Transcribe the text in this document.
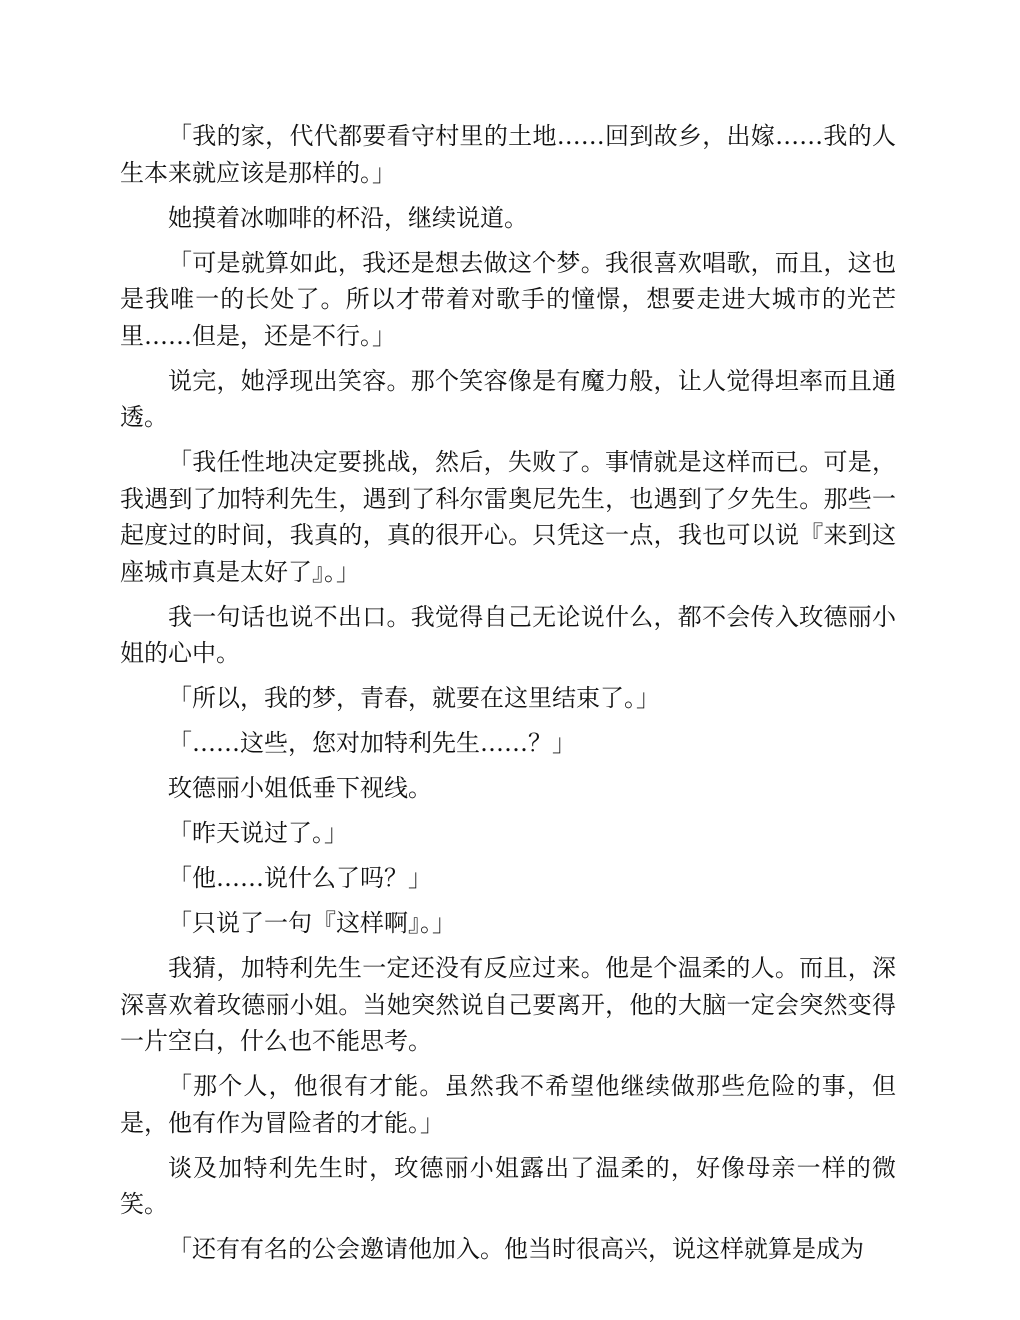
「我的家，代代都要看守村里的土地……回到故乡，出嫁……我的人生本来就应该是那样的。」

她摸着冰咖啡的杯沿，继续说道。

「可是就算如此，我还是想去做这个梦。我很喜欢唱歌，而且，这也是我唯一的长处了。所以才带着对歌手的憧憬，想要走进大城市的光芒里……但是，还是不行。」

说完，她浮现出笑容。那个笑容像是有魔力般，让人觉得坦率而且通透。

「我任性地决定要挑战，然后，失败了。事情就是这样而已。可是，我遇到了加特利先生，遇到了科尔雷奥尼先生，也遇到了夕先生。那些一起度过的时间，我真的，真的很开心。只凭这一点，我也可以说『来到这座城市真是太好了』。」

我一句话也说不出口。我觉得自己无论说什么，都不会传入玫德丽小姐的心中。

「所以，我的梦，青春，就要在这里结束了。」

「……这些，您对加特利先生……？」

玫德丽小姐低垂下视线。

「昨天说过了。」

「他……说什么了吗？」

「只说了一句『这样啊』。」

我猜，加特利先生一定还没有反应过来。他是个温柔的人。而且，深深喜欢着玫德丽小姐。当她突然说自己要离开，他的大脑一定会突然变得一片空白，什么也不能思考。

「那个人，他很有才能。虽然我不希望他继续做那些危险的事，但是，他有作为冒险者的才能。」

谈及加特利先生时，玫德丽小姐露出了温柔的，好像母亲一样的微笑。

「还有有名的公会邀请他加入。他当时很高兴，说这样就算是成为
